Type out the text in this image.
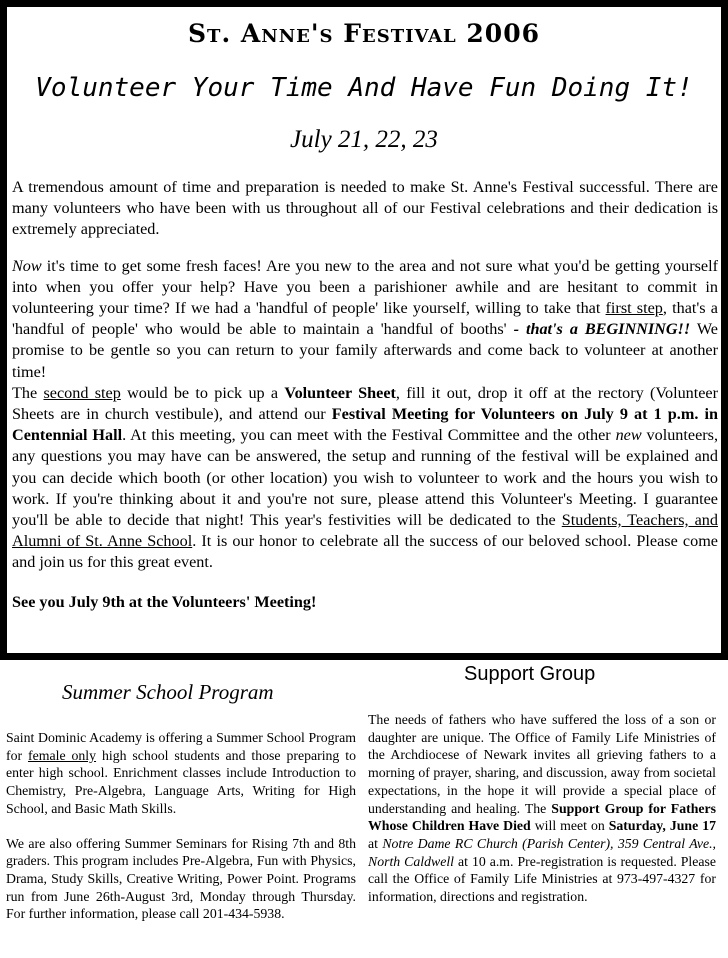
St. Anne's Festival 2006
Volunteer Your Time And Have Fun Doing It!
July 21, 22, 23

A tremendous amount of time and preparation is needed to make St. Anne's Festival successful. There are many volunteers who have been with us throughout all of our Festival celebrations and their dedication is extremely appreciated.

Now it's time to get some fresh faces! Are you new to the area and not sure what you'd be getting yourself into when you offer your help? Have you been a parishioner awhile and are hesitant to commit in volunteering your time? If we had a 'handful of people' like yourself, willing to take that first step, that's a 'handful of people' who would be able to maintain a 'handful of booths' - that's a BEGINNING!! We promise to be gentle so you can return to your family afterwards and come back to volunteer at another time!

The second step would be to pick up a Volunteer Sheet, fill it out, drop it off at the rectory (Volunteer Sheets are in church vestibule), and attend our Festival Meeting for Volunteers on July 9 at 1 p.m. in Centennial Hall. At this meeting, you can meet with the Festival Committee and the other new volunteers, any questions you may have can be answered, the setup and running of the festival will be explained and you can decide which booth (or other location) you wish to volunteer to work and the hours you wish to work. If you're thinking about it and you're not sure, please attend this Volunteer's Meeting. I guarantee you'll be able to decide that night! This year's festivities will be dedicated to the Students, Teachers, and Alumni of St. Anne School. It is our honor to celebrate all the success of our beloved school. Please come and join us for this great event.

See you July 9th at the Volunteers' Meeting!

Summer School Program

Saint Dominic Academy is offering a Summer School Program for female only high school students and those preparing to enter high school. Enrichment classes include Introduction to Chemistry, Pre-Algebra, Language Arts, Writing for High School, and Basic Math Skills.

We are also offering Summer Seminars for Rising 7th and 8th graders. This program includes Pre-Algebra, Fun with Physics, Drama, Study Skills, Creative Writing, Power Point. Programs run from June 26th-August 3rd, Monday through Thursday. For further information, please call 201-434-5938.

Support Group

The needs of fathers who have suffered the loss of a son or daughter are unique. The Office of Family Life Ministries of the Archdiocese of Newark invites all grieving fathers to a morning of prayer, sharing, and discussion, away from societal expectations, in the hope it will provide a special place of understanding and healing. The Support Group for Fathers Whose Children Have Died will meet on Saturday, June 17 at Notre Dame RC Church (Parish Center), 359 Central Ave., North Caldwell at 10 a.m. Pre-registration is requested. Please call the Office of Family Life Ministries at 973-497-4327 for information, directions and registration.
